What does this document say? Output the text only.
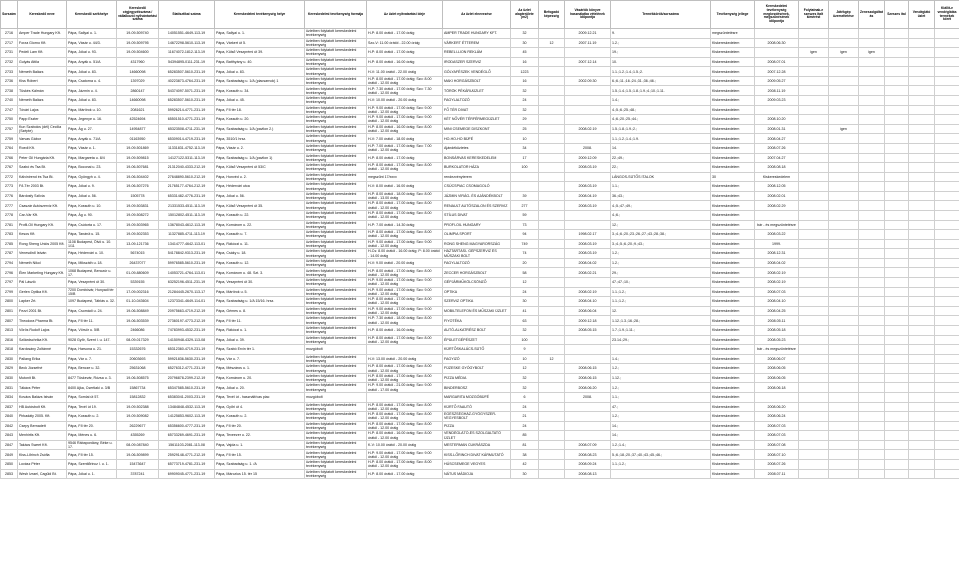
Sorszám	Kereskedő neve	Kereskedő székhelye	Kereskedő cégjegyzékszáma / vállalkozói nyilvántartási száma	Statisztikai száma	Kereskedelmi tevékenység helye	Kereskedelmi tevékenység formája	Az üzlet nyitvatartási ideje	Az üzlet elnevezése	Az üzlet alapterülete (m2)	Befogadó képesség	Vásárlók könyve használatba vételének időpontja	Termékkörök/sorszáma	Tevékenység jellege	Kereskedelmi tevékenység megkezdésének, megszűnésének időpontja	Folytatnak-e szeszes italt kimérést	Játékgép üzemeltetése	Zeneszolgáltatás	Szeszes ital	Vendéglátó üzlet	Kiállít-e vendéglátás termékek körét	
2716	Amper Trade Hungary Kft.	Pápa, Sallyai u. 1.	19-09-509740	14051551-4649-113-19	Pápa, Sallyai u. 1.	üzletben folytatott kereskedelmi tevékenység	H-P: 8.00 órától - 17.00 óráig	AMPER TRADE HUNGARY KFT.	32		2009.12.21	9.	megszüntetésre								
2717	Forza Giorno Kft.	Pápa, Vásár u. 44/3.	19-09-509795	14672298-5610-113-19	Pápa, Várkert út 5.	üzletben folytatott kereskedelmi tevékenység	Szo-V: 11.00 órától - 22.00 óráig	VÁRKERT ÉTTEREM	30	12	2007.11.19	1.2.;	Kiskereskedelem	2008.06.30							
2731	Pedeli Lam Kft.	Pápa, Jókai u. 93.	19-09-504600	11674072-1812-113-19	Pápa, Külső Veszprémi út 39.	üzletben folytatott kereskedelmi tevékenység	H-P: 8.00 órától - 17.00 óráig	REBELI-LION REKLÁM	45			19.;	Kiskereskedelem		igen	igen	igen				
2732	Gulyás Attila	Pápa, Anyák u. 51/A	4317960	54394895-0111-231-19	Pápa, Batthyány u. 40.	üzletben folytatott kereskedelmi tevékenység	H-P: 8.00 órától - 16.00 óráig	IRODASZER SZERVIZ	16		2007.12.14	10.	Kiskereskedelem	2008.07.01							
2733	Németh Balázs	Pápa, Jókai u. 83.	14660098	65283507-5610-231-19	Pápa, Jókai u. 83.	üzletben folytatott kereskedelmi tevékenység	H-V: 11.00 órától - 22.00 óráig	GÓLYAFÉSZEK VENDÉGLŐ	1223			1.1.;1.2.;1.4.;1.5.;2.	Kiskereskedelem	2007.12.28							
2736	Kiss Róbert	Pápa, Csatorna u. 4.	1397029	40223873-4764-231-19	Pápa, Szabadság u. 1/A (piacsarnok) 1	üzletben folytatott kereskedelmi tevékenység	H-P: 8.00 órától - 17.00 óráig; Szo: 8.00 órától - 12.00 óráig	MAKI HORGÁSZBOLT	16		2002.09.30	6.;6.;11.;16.;24.;31.;36.;46.;	Kiskereskedelem	2009.05.27							
2738	Tüskés Kálmán	Pápa, Jázmin u. 4.	2860147	54374097-5071-231-19	Pápa, Kossuth u. 34.	üzletben folytatott kereskedelmi tevékenység	H-P: 7.30 órától - 17.00 óráig; Szo: 7.30 órától - 12.00 óráig	TÖRÖK PÉKÁRUÜZLET	32			1.5.;1.4.;1.5.;1.8.;1.9.;4.;10.;1.11.	Kiskereskedelem	2008.11.19							
2740	Németh Balázs	Pápa, Jókai u. 83.	14660098	65283507-5610-231-19	Pápa, Jókai u. 45.	üzletben folytatott kereskedelmi tevékenység	H-V: 10.00 órától - 20.00 óráig	FAGYLALTOZÓ	24			1.4.;	Kiskereskedelem	2009.03.23							
2747	Tóvári Lajos	Pápa, Mártírok u. 10.	2081621	59926214-4771-231-19	Pápa, Fő tér 18.	üzletben folytatott kereskedelmi tevékenység	H-P: 9.00 órától - 17.00 óráig; Szo: 9.00 órától - 12.00 óráig	FŐ TÉR DIVAT	32			4.;5.;6.;25.;48.;	Kiskereskedelem								
2750	Papp Eszter	Pápa, Jegenye u. 16.	42524694	65501510-4771-231-19	Pápa, Kossuth u. 20.	üzletben folytatott kereskedelmi tevékenység	H-P: 9.00 órától - 17.00 óráig; Szo: 9.00 órától - 12.00 óráig	KÉT NŐVÉR TÉRFÉRMEGÜZLET	29			4.;6.;20.;25.;44.;	Kiskereskedelem	2008.10.20							
2757	Kun Szabolcs (dél) Cecília (Szépte)	Pápa, Ág u. 27.	14954877	65323508-4711-231-19	Pápa, Szabadság u. 1/A (pavilon 2.)	üzletben folytatott kereskedelmi tevékenység	H-P: 8.00 órától - 16.00 óráig; Szo: 8.00 órától - 12.00 óráig	MINI CSEMEGE DISZKONT	25		2008.02.19	1.5.;1.8.;1.9.;2.;	Kiskereskedelem	2008.01.31		igen					
2759	Varvas Gábor	Pápa, Anyák u. 71/A	01163950	65309014-4719-231-19	Pápa, 3510/1 hrsz.	üzletben folytatott kereskedelmi tevékenység	H-V: 7.00 órától - 18.00 óráig	HO-HO-HO BÜFÉ	10			1.1.;1.2.;1.4.;1.9.	Kiskereskedelem	2008.04.27							
2764	Roedi Kft.	Pápa, Vásár u. 1.	19-09-501869	11331831-4752-113-19	Pápa, Vásár u. 2.	üzletben folytatott kereskedelmi tevékenység	H-P: 7.00 órától - 17.00 óráig; Szo: 7.00 órától - 12.00 óráig	Ajándéküzletes	34		2008.	14.	Kiskereskedelem	2008.07.26							
2766	Peter Gil Hungária Kft.	Pápa, Margareta u. 8/4	19-09-509815	14127122-5311-113-19	Pápa, Szabadság u. 1/A (pavilon 1)	üzletben folytatott kereskedelmi tevékenység	H-P: 8.00 órától - 17.00 óráig	BONSÁRVAS KERESKEDELEM	17		2009.12.09	22.;49.;	Kiskereskedelem	2007.04.27							
2767	Szabó és Tsa Bt.	Pápa, Boconai u. 23.	19-06-507681	21312040-4333-212-19	Pápa, Külső Veszprémi út 53/C	üzletben folytatott kereskedelmi tevékenység	H-P: 8.00 órától - 17.00 óráig; Szo: 8.00 órától - 12.00 óráig	BURKOLATOR HÁZA	100		2008.03.19	22.;	Kiskereskedelem	2008.08.18							
2772	Kálvinirend és Tsa Bt.	Pápa, Gyöngyh u. 4.	19-06-504402	27648890-5610-212-19	Pápa, Honvéd u. 2.	üzletben folytatott kereskedelmi tevékenység	megszűnt 17/xxxx	rendezvényterem				LÁNGOS-SÜTŐS ITALOK	30	Kiskereskedelem							
2773	Fő-Tér 2003 Bt.	Pápa, Jókai u. 9.	19-06-507276	21765177-4764-212-19	Pápa, Hédervári utca	üzletben folytatott kereskedelmi tevékenység	H-V: 8.00 órától - 16.00 óráig	CSÚCSPIAC CSOMAGOLÓ			2008.03.19	1.1.;	Kiskereskedelem	2008.12.05							
2776	Bárdosfy Szilvia	Pápa, Jókai u. 56.	1505778	65331482-4776-231-19	Pápa, Jókai u. 56.	üzletben folytatott kereskedelmi tevékenység	H-P: 8.00 órától - 18.00 óráig; Szo: 8.00 órától - 13.00 óráig	JÁZMIN VIRÁG- ÉS AJÁNDÉKBOLT	39		2008.04.19	36.;43.;	Kiskereskedelem	2008.02.01							
2777	Csaszár Autószerviz Kft.	Pápa, Kossuth u. 10.	19-09-503831	21331533-4511-113-19	Pápa, Külső Veszprémi út 35.	üzletben folytatott kereskedelmi tevékenység	H-P: 8.00 órától - 17.00 óráig; Szo: 8.00 órától - 12.00 óráig	RENAULT AUTÓSZALON ÉS SZERVIZ	277		2008.03.19	4.;5.;47.;49.;	Kiskereskedelem	2008.02.29							
2778	Car-Vár Kft.	Pápa, Ág u. 90.	19-09-508272	15012802-4511-113-19	Pápa, Kossuth u. 22.	üzletben folytatott kereskedelmi tevékenység	H-P: 8.00 órától - 17.00 óráig; Szo: 8.00 órától - 12.00 óráig	STÍLUS DIVAT	59			4.;6.;	Kiskereskedelem								
2781	Profil-Oil Hungary Kft.	Pápa, Csútorta u. 17.	19-09-503965	13678043-4612-113-19	Pápa, Kornárom u. 22.	üzletben folytatott kereskedelmi tevékenység	H-P: 7.00 órától - 14.30 óráig	PROFI-OIL HUNGARY	73			12.;	Kiskereskedelem	bár - és megszüntetésre							
2783	Kesos Kft.	Pápa, Tanárút u. 15.	19-09-502353	11327885-4711-113-19	Pápa, Kossuth u. 7.	üzletben folytatott kereskedelmi tevékenység	H-P: 8.00 órától - 17.00 óráig; Szo: 8.00 órától - 12.00 óráig	OLIMPIA SPORT	94		1998.02.17	3.;4.;6.;20.;23.;26.;27.;43.;28.;38.;	Kiskereskedelem	2008.03.22							
2785	Rong Sheng Uniós 2005 Kft.	1108 Budapest, Ölvö u. 10. 1/11	13-09-121736	13414777-4642-113-01	Pápa, Rákóczi u. 11.	üzletben folytatott kereskedelmi tevékenység	H-P: 9.00 órától - 17.00 óráig; Szo: 9.00 órától - 12.00 óráig	RONG SHENG MAGYARORSZÁG	749		2008.03.19	3.;4.;5.;6.;20.;9.;43.;	Kiskereskedelem	1999.							
2787	Venesdinő István	Pápa, Hédervári u. 10.	5674015	54178842-9313-231-19	Pápa, Csáky u. 18.	üzletben folytatott kereskedelmi tevékenység	H-Cs: 8.00 órától - 16.00 óráig; P: 8.00 órától - 14.00 óráig	HÁZTARTÁSI- GÉPSZERVIZ ÉS MŰSZAKI BOLT	74		2008.03.19	1.2.;	Kiskereskedelem	2008.12.31							
2794	Németh Nikol	Pápa, Mikszáth u. 18.	26437077	59976585-5610-231-19	Pápa, Kossuth u. 12.	üzletben folytatott kereskedelmi tevékenység	H-V: 9.00 órától - 20.00 óráig	FAGYLALTOZÓ	20		2008.04.02	1.2.;	Kiskereskedelem	2008.04.02							
2796	Élen Marketing Hungary Kft.	1068 Budapest, Benczúr u. 17.	01-09-880609	14053721-4764-113-01	Pápa, Komárom u. 48. Szt. 3.	üzletben folytatott kereskedelmi tevékenység	H-P: 8.00 órától - 17.00 óráig; Szo: 8.00 órától - 12.00 óráig	ZECCER HORGÁSZBOLT	58		2008.02.21	29.;	Kiskereskedelem	2008.02.19							
2797	Pál László	Pápa, Veszprémi út 30.	5339155	63252196-4511-231-19	Pápa, Veszprémi út 30.	üzletben folytatott kereskedelmi tevékenység	H-P: 9.00 órától - 17.00 óráig; Szo: 9.00 órától - 12.00 óráig	GÉPJÁRMŰKÖLCSÖNZŐ	12			47.;47.;10.;	Kiskereskedelem	2008.02.19							
2799	Gerlen Optika Kft.	7200 Dombóvár, Hunyadi tér 15/B	17-09-002316	21284445-2670-113-17	Pápa, Mártírok u. 5.	üzletben folytatott kereskedelmi tevékenység	H-P: 9.00 órától - 17.00 óráig; Szo: 9.00 órától - 12.00 óráig	OPTIKA	24		2008.02.19	1.1.;1.2.;	Kiskereskedelem	2008.07.03							
2800	Lapker Zrt.	1097 Budapest, Táblás u. 32.	01-10-043604	12373341-4649-114-01	Pápa, Szabadság u. 1/A 15/16. hrsz.	üzletben folytatott kereskedelmi tevékenység	H-P: 8.00 órától - 17.00 óráig; Szo: 8.00 órától - 12.00 óráig	SZERVIZ OPTIKA	30		2008.04.10	1.1.;1.2.;	Kiskereskedelem	2008.04.10							
2801	Fezzi 2001 Bt.	Pápa, Csomádi u. 24.	19-06-508849	20975663-4719-212-19	Pápa, Gémes u. 8.	üzletben folytatott kereskedelmi tevékenység	H-P: 9.00 órától - 17.00 óráig; Szo: 9.00 órától - 12.00 óráig	MOBILTELEFON ÉS MŰSZAKI ÜZLET	41		2008.06.04	12.	Kiskereskedelem	2008.04.25							
2807	Theodora Pharma Bt.	Pápa, Fő tér 11.	19-06-503539	27360197-4773-212-19	Pápa, Fő tér 11.	üzletben folytatott kereskedelmi tevékenység	H-P: 7.30 órától - 18.00 óráig; Szo: 8.00 órától - 12.00 óráig	FIYOTÉKA	63		2009.12.18	1.12.;1.3.;16.;28.;	Kiskereskedelem	2008.05.11							
2813	Vörös Rudolf Lajos	Pápa, Vörsör u. 5/B	2466086	74783993-4532-231-19	Pápa, Rákóczi u. 1.	üzletben folytatott kereskedelmi tevékenység	H-P: 8.00 órától - 16.00 óráig	AUTÓ-ALKATRÉSZ BOLT	32		2008.05.15	1.7.;1.9.;1.11.;	Kiskereskedelem	2008.05.18							
2816	Szilárdschrika Kft.	9028 Győr, Szent l. u. 147.	08-09-017329	14150948-4329-113-08	Pápa, Jókai u. 39.	üzletben folytatott kereskedelmi tevékenység	H-P: 8.00 órától - 17.00 óráig; Szo: 8.00 órától - 12.00 óráig	ÉPÜLETGÉPÉSZET	100			23.14.;29.;	Kiskereskedelem	2008.05.23							
2818	Kardcsány Zoltánné	Pápa, Harsona u. 21.	15332676	65312360-4719-231-19	Pápa, Szabó Ervin tér 1.	mozgóbolt		KÜRTŐSKALÁCS-SÜTŐ	9				Kiskereskedelem	bár - és megszüntetésre							
2830	Pallang Erika	Pápa, Vár u. 7.	20603693	59921836-5630-231-19	Pápa, Vár u. 7.	üzletben folytatott kereskedelmi tevékenység	H-V: 13.00 órától - 20.00 óráig	FAGYIZÓ	10	12		1.4.;	Kiskereskedelem	2008.06.07							
2829	Beck Józsefné	Pápa, Bencze u. 32.	25631068	65276312-4771-231-19	Pápa, Mészáros u. 1.	üzletben folytatott kereskedelmi tevékenység	H-P: 8.00 órától - 17.00 óráig; Szo: 8.00 órától - 12.00 óráig	FÜZESKE GYÓGYBOLT	12		2008.06.15	1.2.;	Kiskereskedelem	2008.06.05							
2830	Mutonit Bt.	8477 Tüskevár, Rózsa u. 3.	19-06-508575	20796878-2399-212-19	Pápa, Kornárom u. 20.	üzletben folytatott kereskedelmi tevékenység	H-P: 8.00 órától - 17.00 óráig; Szo: 8.00 órától - 12.00 óráig	PIZZA MÉDIA	32		2008.06.15	1.12.;	Kiskereskedelem	2008.06.05							
2831	Tákács Péter	8400 Ajka, Csertlaki u. 3/B	15867734	65347585-5610-231-19	Pápa, Jókai u. 20.	üzletben folytatott kereskedelmi tevékenység	H-P: 9.00 órától - 21.00 óráig; Szo: 9.00 órától - 17.00 óráig	BINDERBOSZ	32		2008.06.20	1.2.;	Kiskereskedelem	2008.06.18							
2834	Kovács Balázs István	Pápa, Somlai út 57.	15812832	65383041-2003-231-19	Pápa, Tevél út - használt/vas piac	mozgóbolt		MARGARITA MOZGÓBÜFÉ	6		2008.	1.1.;	Kiskereskedelem								
2837	HB Autósbolt Kft.	Pápa, Tevél út 19.	19-09-502388	13484848-4532-113-19	Pápa, Győri út 4.	üzletben folytatott kereskedelmi tevékenység	H-P: 8.00 órától - 17.00 óráig; Szo: 8.00 órától - 12.00 óráig	KÜRTŐ FAAUTÓ	24			47.;	Kiskereskedelem	2008.06.20							
2840	Pirkadáty 2005. Kft.	Pápa, Kossuth u. 2.	19-09-509082	14125853-9602-113-19	Pápa, Kossuth u. 2.	üzletben folytatott kereskedelmi tevékenység	H-P: 8.00 órától - 17.00 óráig; Szo: 8.00 órától - 12.00 óráig	EGÉSZSÉGHÁZ-GYÓGYSZER-VEGYESBOLT	21			1.2.;	Kiskereskedelem	2008.06.24							
2842	Csepy Bernadett	Pápa, Fő tér 20.	26229677	65356600-4777-231-19	Pápa, Fő tér 20.	üzletben folytatott kereskedelmi tevékenység	H-P: 8.00 órától - 17.00 óráig; Szo: 8.00 órától - 12.00 óráig	PIZZA	24			14.;	Kiskereskedelem	2008.07.03							
2843	Menhirtis Kft.	Pápa, Ménes u. 6.	4355269	65733269-4691-231-19	Pápa, Teveezer u. 22.	üzletben folytatott kereskedelmi tevékenység	H-P: 8.00 órától - 16.00 óráig; Szo: 8.00 órától - 12.00 óráig	VENDÉGLÁTÓ-ÉS SZOLGÁLTATÓ ÜZLET	85			14.;	Kiskereskedelem	2008.07.03							
2847	Takács Sweet Kft.	9546 Rábapordány, Béke u. 17.	08-09-087840	15611103-2081-113-08	Pápa, Vajda u. 1.	üzletben folytatott kereskedelmi tevékenység	K-V: 10.00 órától - 20.00 óráig	MESTERMAN CUKRÁSZDA	81		2008.07.09	1.2.;1.4.;	Kiskereskedelem	2008.07.08							
2849	Kiss-Lőrinch Zsófia	Pápa, Fő tér 15.	19-06-509899	25929148-4771-212-19	Pápa, Fő tér 15.	üzletben folytatott kereskedelmi tevékenység	H-P: 9.00 órától - 17.00 óráig; Szo: 9.00 órától - 12.00 óráig	KISS-LŐRINCH DIVAT KÁRMUTATÓ	38		2008.08.23	5.;6.;18.;20.;37.;40.;43.;45.;46.;	Kiskereskedelem	2008.07.10							
2850	Lovász Péter	Pápa, Szentlőrincz l. u. 1.	15473647	65773719-4781-231-19	Pápa, Szabadság u. 1. /A	üzletben folytatott kereskedelmi tevékenység	H-P: 8.00 órától - 17.00 óráig; Szo: 8.00 órától - 12.00 óráig	HÚSCSEMEGE VEGYES	42		2008.09.24	1.1.;1.2.;	Kiskereskedelem	2008.07.26							
2853	Wesh Izrael, Cagüld Bt.	Pápa, Jókai u. 1.	3787241	69909045-4771-231-19	Pápa, Márczius 15. tér 15	üzletben folytatott kereskedelmi tevékenység	H-P: 8.00 órától - 17.00 óráig	NÁTUS MÁDIOJA	30		2008.08.13		Kiskereskedelem	2008.07.11							
